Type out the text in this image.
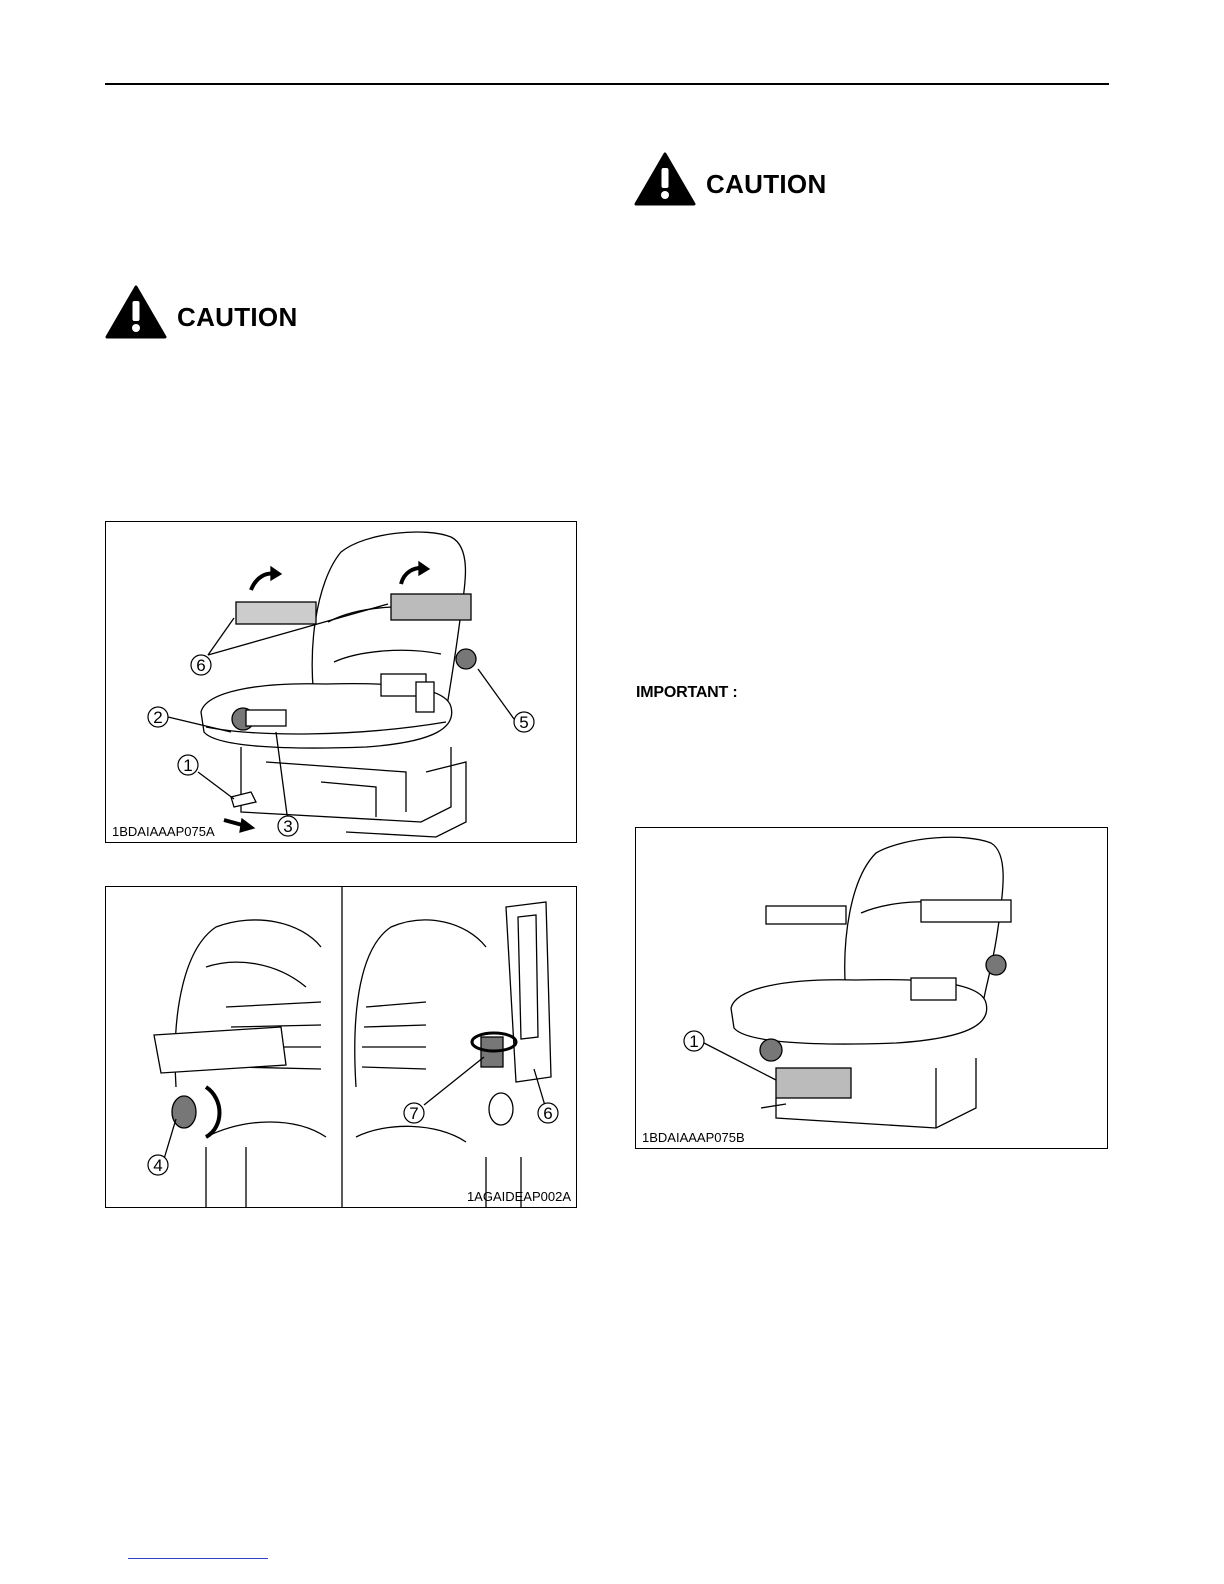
CAUTION
CAUTION
IMPORTANT :
6
2
1
3
5
1BDAIAAAP075A
4
7	6
1AGAIDEAP002A
1
1BDAIAAAP075B
